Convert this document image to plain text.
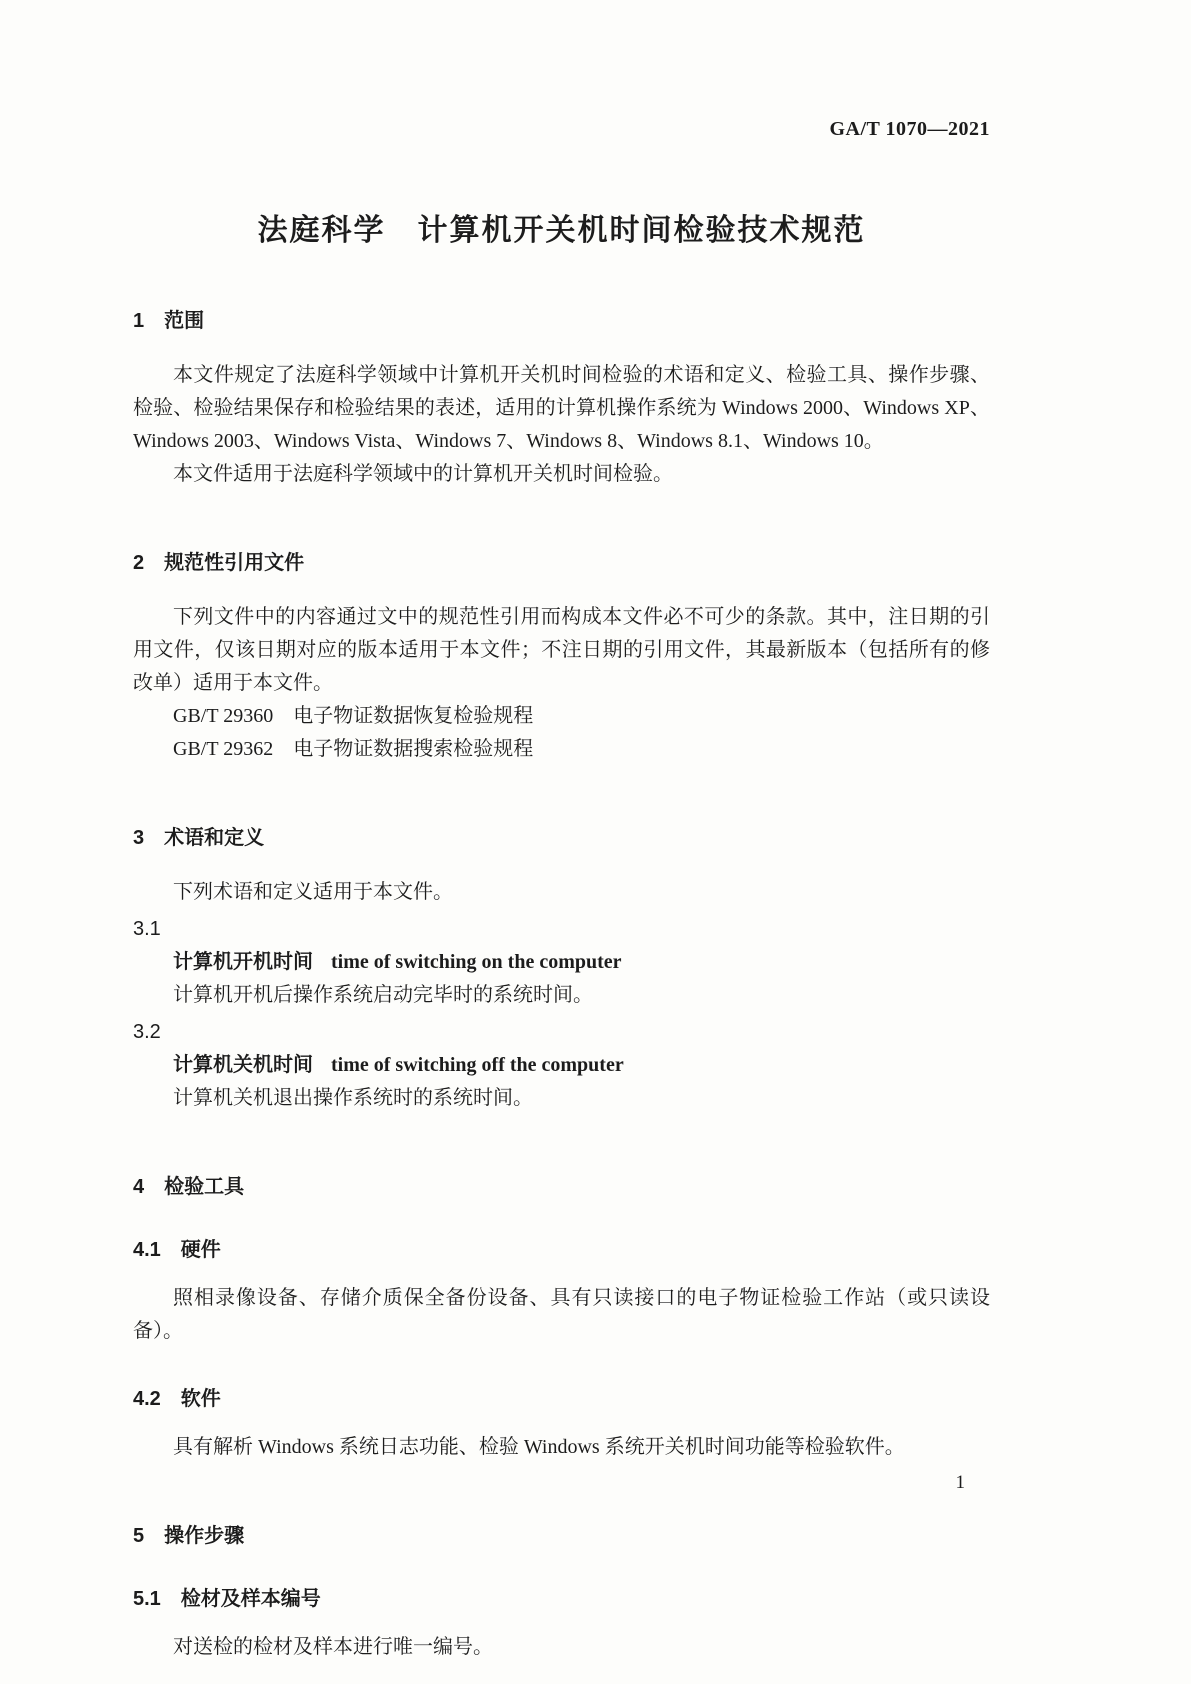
GA/T 1070—2021
法庭科学　计算机开关机时间检验技术规范
1　范围

本文件规定了法庭科学领域中计算机开关机时间检验的术语和定义、检验工具、操作步骤、检验、检验结果保存和检验结果的表述，适用的计算机操作系统为 Windows 2000、Windows XP、Windows 2003、Windows Vista、Windows 7、Windows 8、Windows 8.1、Windows 10。

本文件适用于法庭科学领域中的计算机开关机时间检验。

2　规范性引用文件

下列文件中的内容通过文中的规范性引用而构成本文件必不可少的条款。其中，注日期的引用文件，仅该日期对应的版本适用于本文件；不注日期的引用文件，其最新版本（包括所有的修改单）适用于本文件。

GB/T 29360　电子物证数据恢复检验规程

GB/T 29362　电子物证数据搜索检验规程

3　术语和定义

下列术语和定义适用于本文件。

3.1

计算机开机时间 time of switching on the computer

计算机开机后操作系统启动完毕时的系统时间。

3.2

计算机关机时间 time of switching off the computer

计算机关机退出操作系统时的系统时间。

4　检验工具
4.1　硬件

照相录像设备、存储介质保全备份设备、具有只读接口的电子物证检验工作站（或只读设备）。

4.2　软件

具有解析 Windows 系统日志功能、检验 Windows 系统开关机时间功能等检验软件。

5　操作步骤
5.1　检材及样本编号

对送检的检材及样本进行唯一编号。

1
